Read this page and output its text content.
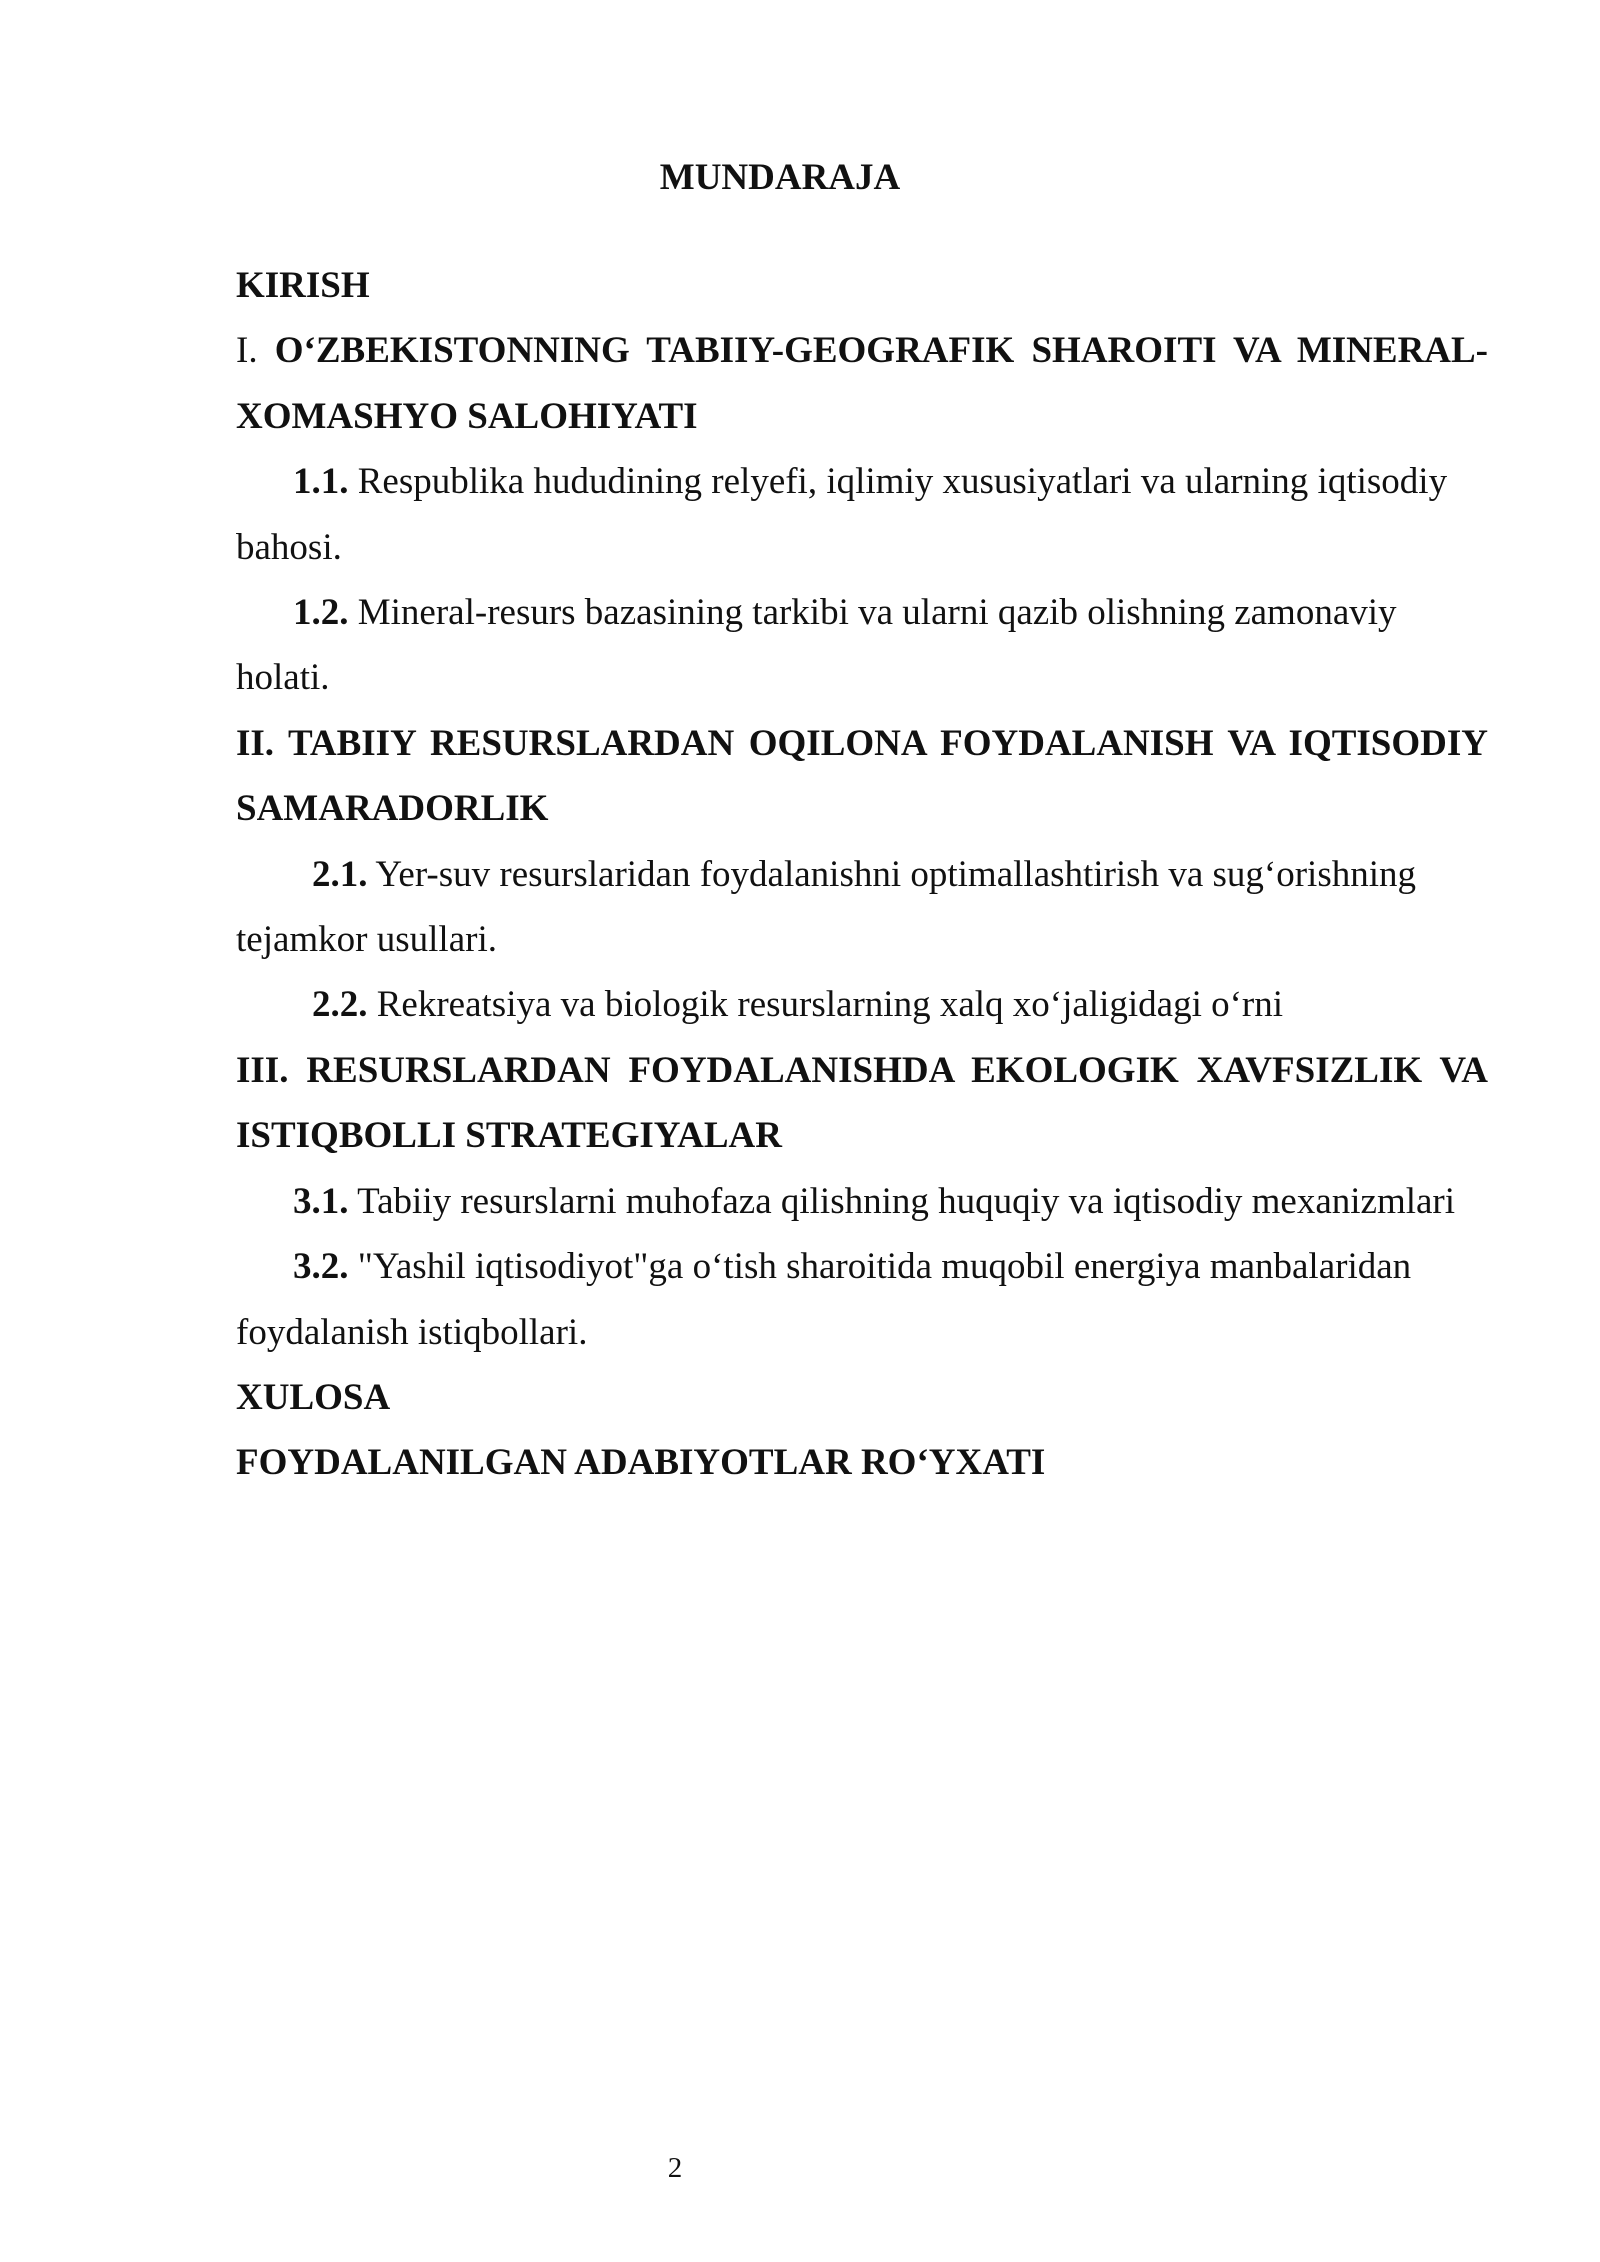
MUNDARAJA

KIRISH

I. O‘ZBEKISTONNING TABIIY-GEOGRAFIK SHAROITI VA MINERAL-XOMASHYO SALOHIYATI

1.1. Respublika hududining relyefi, iqlimiy xususiyatlari va ularning iqtisodiy bahosi.

1.2. Mineral-resurs bazasining tarkibi va ularni qazib olishning zamonaviy holati.

II. TABIIY RESURSLARDAN OQILONA FOYDALANISH VA IQTISODIY SAMARADORLIK

2.1. Yer-suv resurslaridan foydalanishni optimallashtirish va sug‘orishning tejamkor usullari.

2.2. Rekreatsiya va biologik resurslarning xalq xo‘jaligidagi o‘rni

III. RESURSLARDAN FOYDALANISHDA EKOLOGIK XAVFSIZLIK VA ISTIQBOLLI STRATEGIYALAR

3.1. Tabiiy resurslarni muhofaza qilishning huquqiy va iqtisodiy mexanizmlari

3.2. "Yashil iqtisodiyot"ga o‘tish sharoitida muqobil energiya manbalaridan foydalanish istiqbollari.

XULOSA

FOYDALANILGAN ADABIYOTLAR RO‘YXATI

2
